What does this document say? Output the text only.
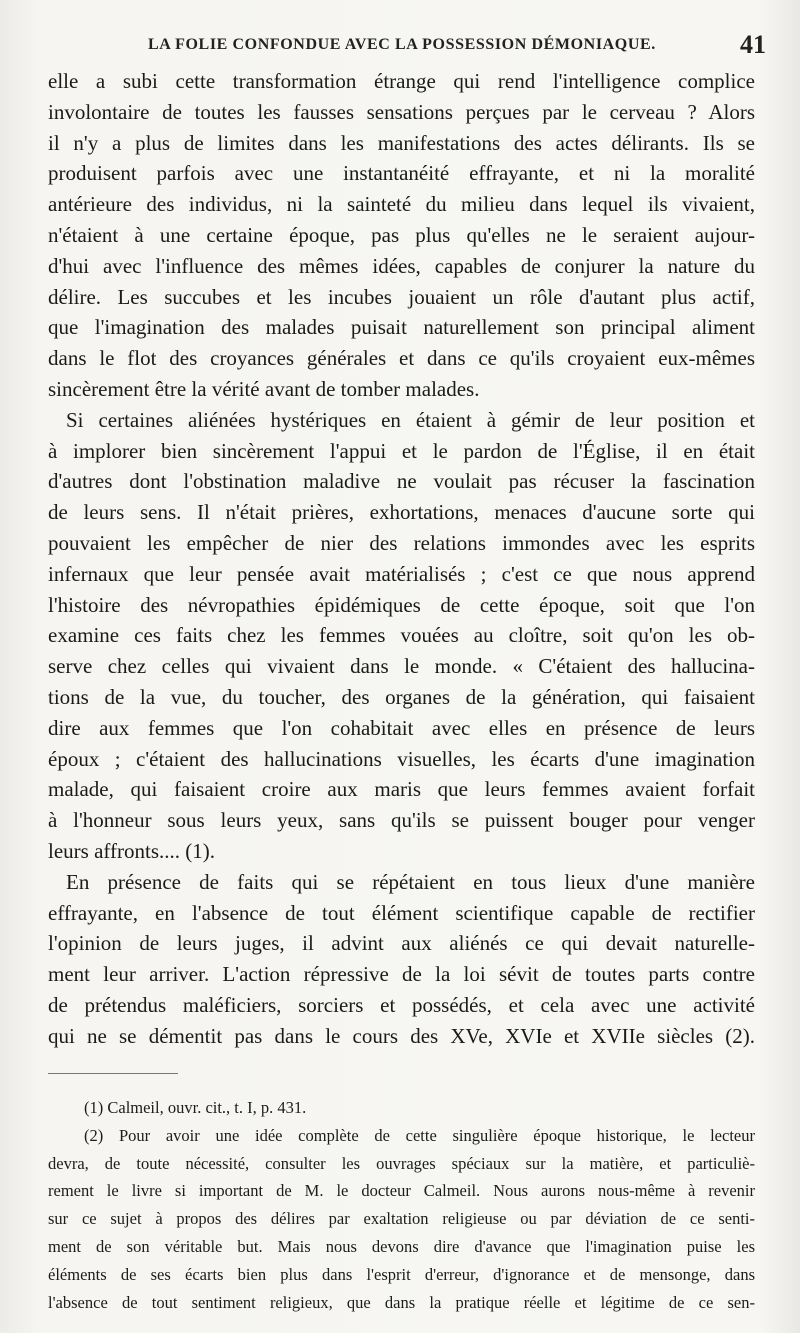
LA FOLIE CONFONDUE AVEC LA POSSESSION DÉMONIAQUE.	41
elle a subi cette transformation étrange qui rend l'intelligence complice
involontaire de toutes les fausses sensations perçues par le cerveau ? Alors
il n'y a plus de limites dans les manifestations des actes délirants. Ils se
produisent parfois avec une instantanéité effrayante, et ni la moralité
antérieure des individus, ni la sainteté du milieu dans lequel ils vivaient,
n'étaient à une certaine époque, pas plus qu'elles ne le seraient aujour-
d'hui avec l'influence des mêmes idées, capables de conjurer la nature du
délire. Les succubes et les incubes jouaient un rôle d'autant plus actif,
que l'imagination des malades puisait naturellement son principal aliment
dans le flot des croyances générales et dans ce qu'ils croyaient eux-mêmes
sincèrement être la vérité avant de tomber malades.
Si certaines aliénées hystériques en étaient à gémir de leur position et
à implorer bien sincèrement l'appui et le pardon de l'Église, il en était
d'autres dont l'obstination maladive ne voulait pas récuser la fascination
de leurs sens. Il n'était prières, exhortations, menaces d'aucune sorte qui
pouvaient les empêcher de nier des relations immondes avec les esprits
infernaux que leur pensée avait matérialisés ; c'est ce que nous apprend
l'histoire des névropathies épidémiques de cette époque, soit que l'on
examine ces faits chez les femmes vouées au cloître, soit qu'on les ob-
serve chez celles qui vivaient dans le monde. « C'étaient des hallucina-
tions de la vue, du toucher, des organes de la génération, qui faisaient
dire aux femmes que l'on cohabitait avec elles en présence de leurs
époux ; c'étaient des hallucinations visuelles, les écarts d'une imagination
malade, qui faisaient croire aux maris que leurs femmes avaient forfait
à l'honneur sous leurs yeux, sans qu'ils se puissent bouger pour venger
leurs affronts.... (1).
En présence de faits qui se répétaient en tous lieux d'une manière
effrayante, en l'absence de tout élément scientifique capable de rectifier
l'opinion de leurs juges, il advint aux aliénés ce qui devait naturelle-
ment leur arriver. L'action répressive de la loi sévit de toutes parts contre
de prétendus maléficiers, sorciers et possédés, et cela avec une activité
qui ne se démentit pas dans le cours des XVe, XVIe et XVIIe siècles (2).
(1) Calmeil, ouvr. cit., t. I, p. 431.
(2) Pour avoir une idée complète de cette singulière époque historique, le lecteur
devra, de toute nécessité, consulter les ouvrages spéciaux sur la matière, et particuliè-
rement le livre si important de M. le docteur Calmeil. Nous aurons nous-même à revenir
sur ce sujet à propos des délires par exaltation religieuse ou par déviation de ce senti-
ment de son véritable but. Mais nous devons dire d'avance que l'imagination puise les
éléments de ses écarts bien plus dans l'esprit d'erreur, d'ignorance et de mensonge, dans
l'absence de tout sentiment religieux, que dans la pratique réelle et légitime de ce sen-
